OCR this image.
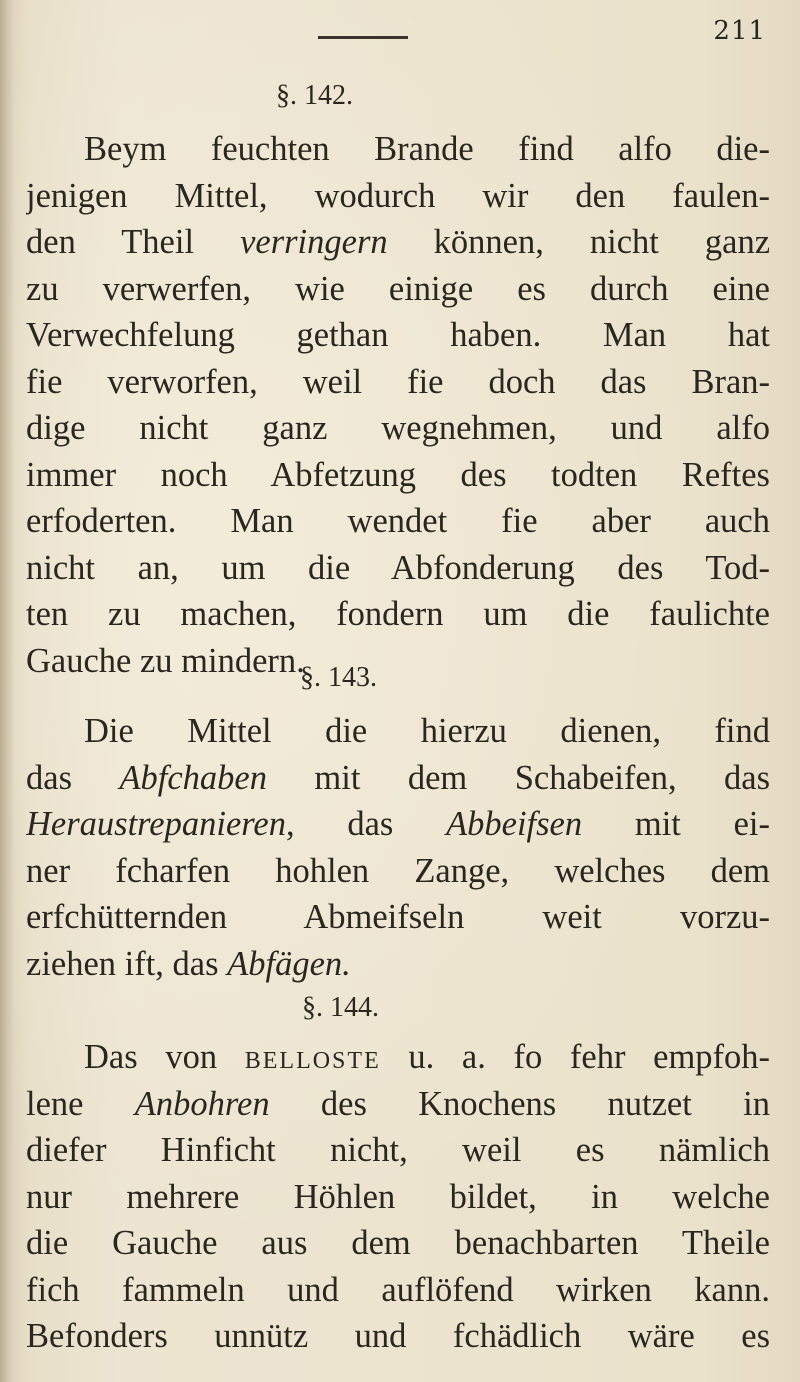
211
§. 142.
Beym feuchten Brande find alfo die-
jenigen Mittel, wodurch wir den faulen-
den Theil verringern können, nicht ganz
zu verwerfen, wie einige es durch eine
Verwechfelung gethan haben. Man hat
fie verworfen, weil fie doch das Bran-
dige nicht ganz wegnehmen, und alfo
immer noch Abfetzung des todten Reftes
erfoderten. Man wendet fie aber auch
nicht an, um die Abfonderung des Tod-
ten zu machen, fondern um die faulichte
Gauche zu mindern.
§. 143.
Die Mittel die hierzu dienen, find
das Abfchaben mit dem Schabeifen, das
Heraustrepanieren, das Abbeifsen mit ei-
ner fcharfen hohlen Zange, welches dem
erfchütternden Abmeifseln weit vorzu-
ziehen ift, das Abfägen.
§. 144.
Das von belloste u. a. fo fehr empfoh-
lene Anbohren des Knochens nutzet in
diefer Hinficht nicht, weil es nämlich
nur mehrere Höhlen bildet, in welche
die Gauche aus dem benachbarten Theile
fich fammeln und auflöfend wirken kann.
Befonders unnütz und fchädlich wäre es
